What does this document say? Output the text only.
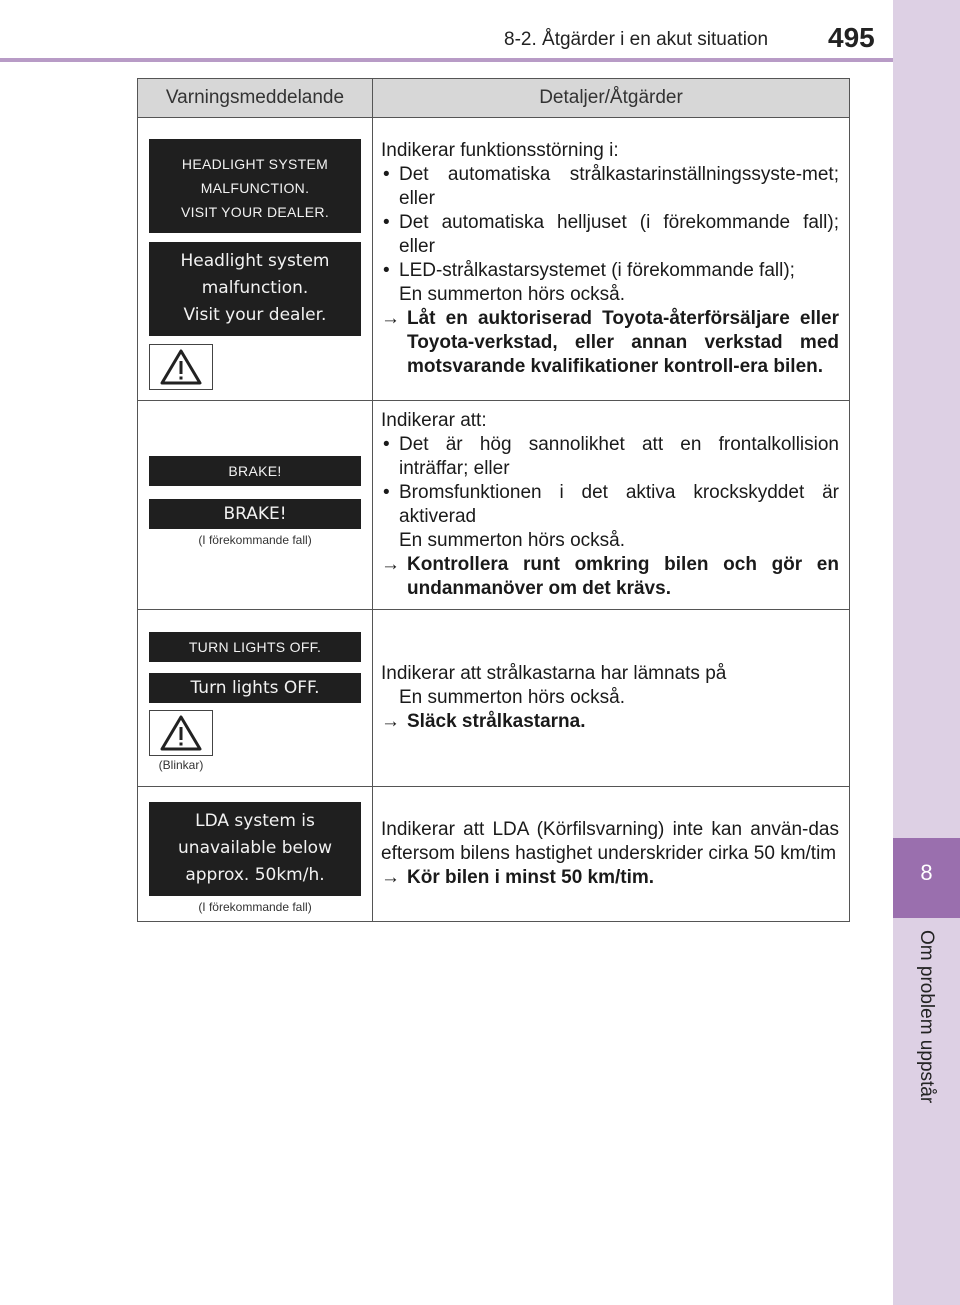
8-2. Åtgärder i en akut situation 495
8
Om problem uppstår
Varningsmeddelande	Detaljer/Åtgärder
HEADLIGHT SYSTEM
MALFUNCTION.
VISIT YOUR DEALER.
Headlight system
malfunction.
Visit your dealer.

Indikerar funktionsstörning i:

• Det automatiska strålkastarinställningssyste-met; eller
• Det automatiska helljuset (i förekommande fall); eller
• LED-strålkastarsystemet (i förekommande fall);
En summerton hörs också.
→ Låt en auktoriserad Toyota-återförsäljare eller Toyota-verkstad, eller annan verkstad med motsvarande kvalifikationer kontroll-era bilen.
BRAKE!
BRAKE!
(I förekommande fall)

Indikerar att:

• Det är hög sannolikhet att en frontalkollision inträffar; eller
• Bromsfunktionen i det aktiva krockskyddet är aktiverad
En summerton hörs också.
→ Kontrollera runt omkring bilen och gör en undanmanöver om det krävs.
TURN LIGHTS OFF.
Turn lights OFF.
(Blinkar)

Indikerar att strålkastarna har lämnats på

En summerton hörs också.
→ Släck strålkastarna.
LDA system is
unavailable below
approx. 50km/h.
(I förekommande fall)

Indikerar att LDA (Körfilsvarning) inte kan använ-das eftersom bilens hastighet underskrider cirka 50 km/tim

→ Kör bilen i minst 50 km/tim.
